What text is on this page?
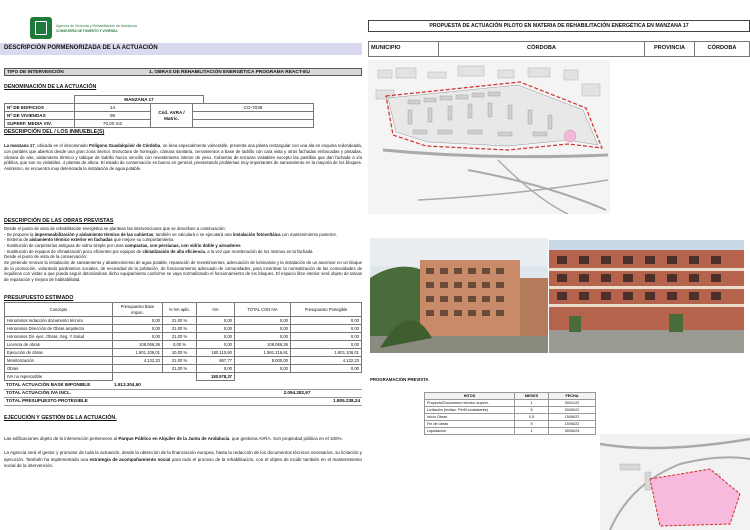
Agencia de Vivienda y Rehabilitación de Andalucía
CONSEJERÍA DE FOMENTO Y VIVIENDA
DESCRIPCIÓN PORMENORIZADA DE LA ACTUACIÓN
PROPUESTA DE ACTUACIÓN PILOTO EN MATERIA DE REHABILITACIÓN ENERGÉTICA EN MANZANA 17
MUNICIPIO	CÓRDOBA	PROVINCIA	CÓRDOBA
TIPO DE INTERVENCIÓN	1. OBRAS DE REHABILITACIÓN ENERGÉTICA PROGRAMA REACT-EU
DENOMINACIÓN DE LA ACTUACIÓN
	MANZANA 17			
Nº DE EDIFICIOS	14	Cód. AVRA / Matric.	CO-7036	
Nº DE VIVIENDAS	98			
SUPERF. MEDIA VIV.	70,00 m2			
DESCRIPCIÓN DEL / LOS INMUEBLE(S)
La manzana 17, ubicada en el denominado Polígono Guadalquivir de Córdoba, un área especialmente vulnerable, presenta una planta rectangular con una ala en esquina redondeada, con portales que abiertos desde una gran zona interior. Estructura de hormigón, cámara sanitaria, cerramientos a base de ladrillo con cara vista y otras fachadas enfoscadas y pintadas, cámara de aire, aislamiento térmico y tabique de ladrillo hueco sencillo con revestimiento interior de yeso. Cubiertas de terrazas visitables excepto las pastillas que dan fachada a vía pública, que son no visitables. 4 plantas de altura. El estado de conservación es bueno en general, presentando problemas muy importantes de saneamiento en la mayoría de los bloques. Asimismo, se encuentra muy deteriorada la instalación de agua potable.
DESCRIPCIÓN DE LAS OBRAS PREVISTAS
Desde el punto de vista de rehabilitación energética se plantean las intervenciones que se describen a continuación:
- Se propone la impermeabilización y aislamiento térmico de las cubiertas, también se calculará e se ejecutará una instalación fotovoltáica con mantenimiento posterior.
- Sistema de aislamiento térmico exterior en fachadas que mejore su comportamiento.
- Sustitución de carpinterías antiguas de vidrio simple por unas compactas, con persianas, con vidrio doble y aireadores
- Sustitución de equipos de climatización poco eficientes por equipos de climatización de alta eficiencia, a la vez que reordenación de los mismos en la fachada.
Desde el punto de vista de la conservación:
Se pretende renovar la instalación de saneamiento y abastecimiento de agua potable, reparación de revestimientos, adecuación de luminarias y la instalación de un ascensor en un bloque de la promoción, valorando parámetros sociales, de necesidad de la población, de funcionamiento adecuado de comunidades, para incentivar la normalización de las comunidades de inquilinos con vistas a que pueda seguir detonándose dicho equipamiento conforme se vaya normalizando el funcionamiento de los bloques. El espacio libre interior será objeto de tareas de reparación y mejora de habitabilidad.
PRESUPUESTO ESTIMADO
Concepto	Presupuesto Base impon.	% IVA aplic.	IVA	TOTAL CON IVA	Presupuesto Protegible
Honorarios redacción documento técnico	0,00	21,00 %	0,00	0,00	0,00
Honorarios Dirección de Obras arquitecto	0,00	21,00 %	0,00	0,00	0,00
Honorarios Dir. ejec. Obras, Seg. Y Salud	0,00	21,00 %	0,00	0,00	0,00
Licencia de obras	108.066,36	0,00 %	0,00	108.066,36	0,00
Ejecución de obras	1.801.106,01	10,00 %	180.110,60	1.981.216,61	1.801.106,01
Monitorización	4.132,23	21,00 %	867,77	5.000,00	4.132,23
Obras		21,00 %	0,00	0,00	0,00
IVA no repercutible			180.978,37		
TOTAL ACTUACIÓN BASE IMPONIBLE	1.913.304,60	
TOTAL ACTUACIÓN IVA INCL.		2.094.282,97
TOTAL PRESUPUESTO PROTEGIBLE		1.805.238,24
EJECUCIÓN Y GESTIÓN DE LA ACTUACIÓN.
Las edificaciones objeto de la intervención pertenecen al Parque Público en Alquiler de la Junta de Andalucía, que gestiona AVRA. Son propiedad pública en el 100%.
La Agencia será el gestor y promotor de toda la actuación, desde la obtención de la financiación europea, hasta la redacción de los documentos técnicos necesarios, su licitación y ejecución. También ha implementado una estrategia de acompañamiento social para todo el proceso de la rehabilitación, con el objeto de incidir también en el mantenimiento social de la intervención.
PROGRAMACIÓN PREVISTA
HITOS	MESES	FECHA
Proyecto/Documento técnico superv.	1	30/01/22
Licitación (invitac. Perfil contratante)	5	30/06/22
Inicio Obras	0,5	15/08/22
Fin de obras	9	15/06/22
Liquidación	1	30/06/23
